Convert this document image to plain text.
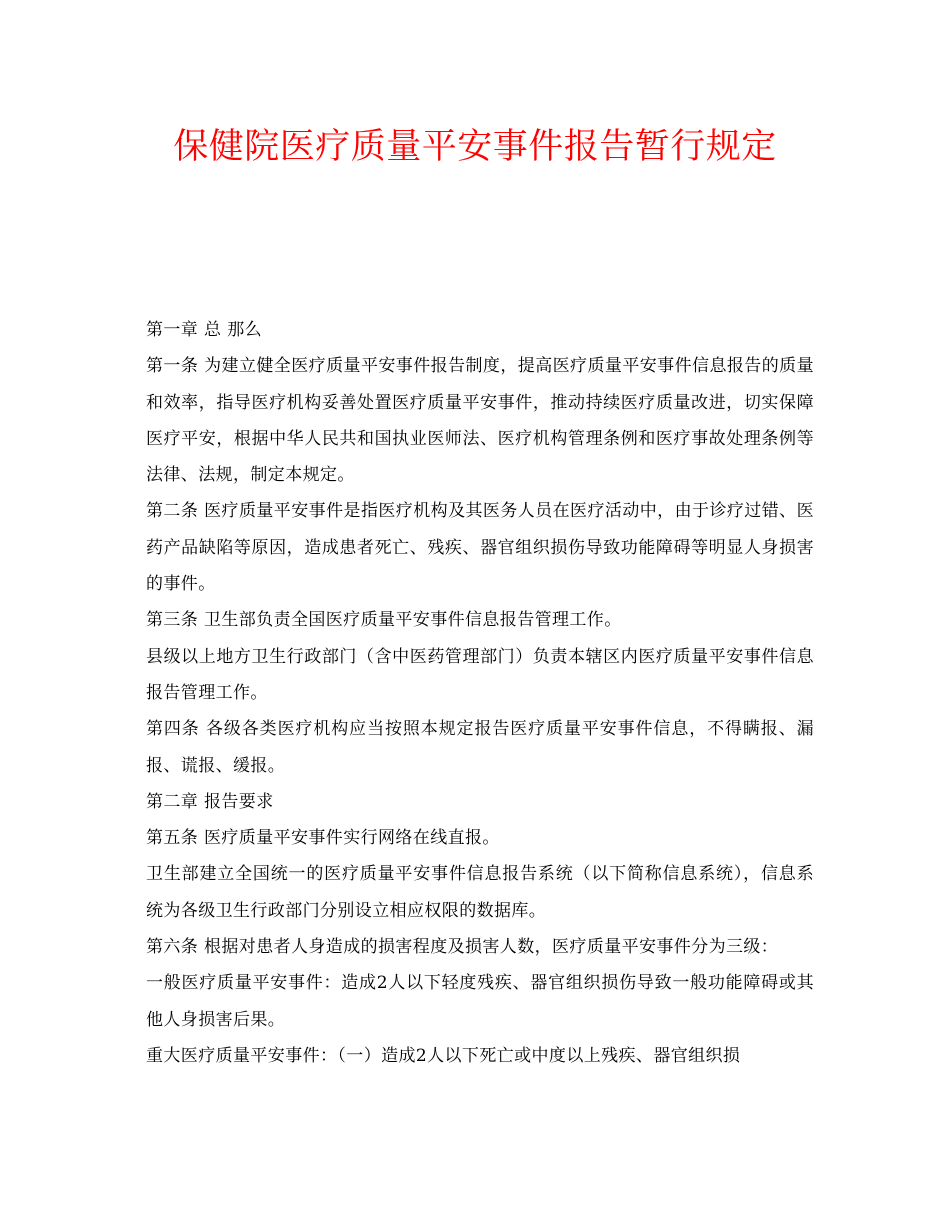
保健院医疗质量平安事件报告暂行规定

第一章 总 那么

第一条 为建立健全医疗质量平安事件报告制度，提高医疗质量平安事件信息报告的质量和效率，指导医疗机构妥善处置医疗质量平安事件，推动持续医疗质量改进，切实保障医疗平安，根据中华人民共和国执业医师法、医疗机构管理条例和医疗事故处理条例等法律、法规，制定本规定。

第二条 医疗质量平安事件是指医疗机构及其医务人员在医疗活动中，由于诊疗过错、医药产品缺陷等原因，造成患者死亡、残疾、器官组织损伤导致功能障碍等明显人身损害的事件。

第三条 卫生部负责全国医疗质量平安事件信息报告管理工作。

县级以上地方卫生行政部门（含中医药管理部门）负责本辖区内医疗质量平安事件信息报告管理工作。

第四条 各级各类医疗机构应当按照本规定报告医疗质量平安事件信息，不得瞒报、漏报、谎报、缓报。

第二章 报告要求

第五条 医疗质量平安事件实行网络在线直报。

卫生部建立全国统一的医疗质量平安事件信息报告系统（以下简称信息系统），信息系统为各级卫生行政部门分别设立相应权限的数据库。

第六条 根据对患者人身造成的损害程度及损害人数，医疗质量平安事件分为三级：

一般医疗质量平安事件：造成2人以下轻度残疾、器官组织损伤导致一般功能障碍或其他人身损害后果。

重大医疗质量平安事件：（一）造成2人以下死亡或中度以上残疾、器官组织损
